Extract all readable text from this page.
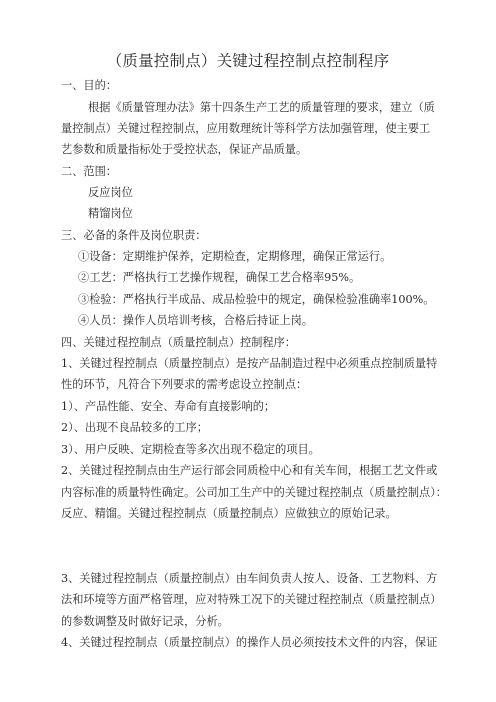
（质量控制点）关键过程控制点控制程序
一、目的：
根据《质量管理办法》第十四条生产工艺的质量管理的要求，建立（质
量控制点）关键过程控制点，应用数理统计等科学方法加强管理，使主要工
艺参数和质量指标处于受控状态，保证产品质量。
二、范围：
反应岗位
精馏岗位
三、必备的条件及岗位职责：
①设备：定期维护保养，定期检查，定期修理，确保正常运行。
②工艺：严格执行工艺操作规程，确保工艺合格率95%。
③检验：严格执行半成品、成品检验中的规定，确保检验准确率100%。
④人员：操作人员培训考核，合格后持证上岗。
四、关键过程控制点（质量控制点）控制程序：
1、关键过程控制点（质量控制点）是按产品制造过程中必须重点控制质量特
性的环节，凡符合下列要求的需考虑设立控制点：
1）、产品性能、安全、寿命有直接影响的；
2）、出现不良品较多的工序；
3）、用户反映、定期检查等多次出现不稳定的项目。
2、关键过程控制点由生产运行部会同质检中心和有关车间，根据工艺文件或
内容标准的质量特性确定。公司加工生产中的关键过程控制点（质量控制点）：
反应、精馏。关键过程控制点（质量控制点）应做独立的原始记录。
3、关键过程控制点（质量控制点）由车间负责人按人、设备、工艺物料、方
法和环境等方面严格管理，应对特殊工况下的关键过程控制点（质量控制点）
的参数调整及时做好记录，分析。
4、关键过程控制点（质量控制点）的操作人员必须按技术文件的内容，保证
